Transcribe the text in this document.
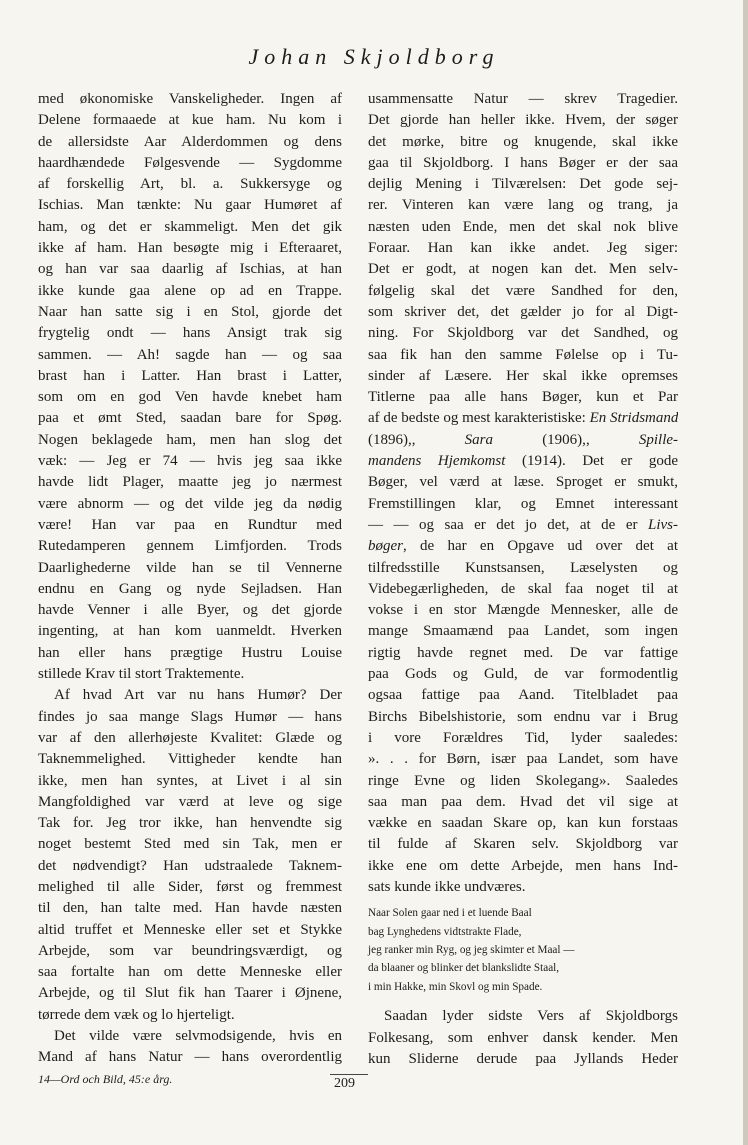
Johan Skjoldborg
med økonomiske Vanskeligheder. Ingen af
Delene formaaede at kue ham. Nu kom i
de allersidste Aar Alderdommen og dens
haardhændede Følgesvende — Sygdomme
af forskellig Art, bl. a. Sukkersyge og
Ischias. Man tænkte: Nu gaar Humøret af
ham, og det er skammeligt. Men det gik
ikke af ham. Han besøgte mig i Efteraaret,
og han var saa daarlig af Ischias, at han
ikke kunde gaa alene op ad en Trappe.
Naar han satte sig i en Stol, gjorde det
frygtelig ondt — hans Ansigt trak sig
sammen. — Ah! sagde han — og saa
brast han i Latter. Han brast i Latter,
som om en god Ven havde knebet ham
paa et ømt Sted, saadan bare for Spøg.
Nogen beklagede ham, men han slog det
væk: — Jeg er 74 — hvis jeg saa ikke
havde lidt Plager, maatte jeg jo nærmest
være abnorm — og det vilde jeg da nødig
være! Han var paa en Rundtur med
Rutedamperen gennem Limfjorden. Trods
Daarlighederne vilde han se til Vennerne
endnu en Gang og nyde Sejladsen. Han
havde Venner i alle Byer, og det gjorde
ingenting, at han kom uanmeldt. Hverken
han eller hans prægtige Hustru Louise
stillede Krav til stort Traktemente.
Af hvad Art var nu hans Humør? Der
findes jo saa mange Slags Humør — hans
var af den allerhøjeste Kvalitet: Glæde og
Taknemmelighed. Vittigheder kendte han
ikke, men han syntes, at Livet i al sin
Mangfoldighed var værd at leve og sige
Tak for. Jeg tror ikke, han henvendte sig
noget bestemt Sted med sin Tak, men er
det nødvendigt? Han udstraalede Taknem-
melighed til alle Sider, først og fremmest
til den, han talte med. Han havde næsten
altid truffet et Menneske eller set et Stykke
Arbejde, som var beundringsværdigt, og
saa fortalte han om dette Menneske eller
Arbejde, og til Slut fik han Taarer i Øjnene,
tørrede dem væk og lo hjerteligt.
Det vilde være selvmodsigende, hvis en
Mand af hans Natur — hans overordentlig
usammensatte Natur — skrev Tragedier.
Det gjorde han heller ikke. Hvem, der søger
det mørke, bitre og knugende, skal ikke
gaa til Skjoldborg. I hans Bøger er der saa
dejlig Mening i Tilværelsen: Det gode sej-
rer. Vinteren kan være lang og trang, ja
næsten uden Ende, men det skal nok blive
Foraar. Han kan ikke andet. Jeg siger:
Det er godt, at nogen kan det. Men selv-
følgelig skal det være Sandhed for den,
som skriver det, det gælder jo for al Digt-
ning. For Skjoldborg var det Sandhed, og
saa fik han den samme Følelse op i Tu-
sinder af Læsere. Her skal ikke opremses
Titlerne paa alle hans Bøger, kun et Par
af de bedste og mest karakteristiske: En Stridsmand
(1896),, Sara	(1906),, Spille-
mandens Hjemkomst (1914). Det er gode
Bøger, vel værd at læse. Sproget er smukt,
Fremstillingen klar, og Emnet interessant
— — og saa er det jo det, at de er Livs-
bøger, de har en Opgave ud over det at
tilfredsstille Kunstsansen, Læselysten og
Videbegærligheden, de skal faa noget til at
vokse i en stor Mængde Mennesker, alle de
mange Smaamænd paa Landet, som ingen
rigtig havde regnet med. De var fattige
paa Gods og Guld, de var formodentlig
ogsaa fattige paa Aand. Titelbladet paa
Birchs Bibelshistorie, som endnu var i Brug
i vore Forældres Tid, lyder saaledes:
». . . for Børn, især paa Landet, som have
ringe Evne og liden Skolegang». Saaledes
saa man paa dem. Hvad det vil sige at
vække en saadan Skare op, kan kun forstaas
til fulde af Skaren selv. Skjoldborg var
ikke ene om dette Arbejde, men hans Ind-
sats kunde ikke undværes.
Naar Solen gaar ned i et luende Baal
bag Lynghedens vidtstrakte Flade,
jeg ranker min Ryg, og jeg skimter et Maal —
da blaaner og blinker det blankslidte Staal,
i min Hakke, min Skovl og min Spade.
Saadan lyder sidste Vers af Skjoldborgs
Folkesang, som enhver dansk kender. Men
kun Sliderne derude paa Jyllands Heder
14—Ord och Bild, 45:e årg.	209
